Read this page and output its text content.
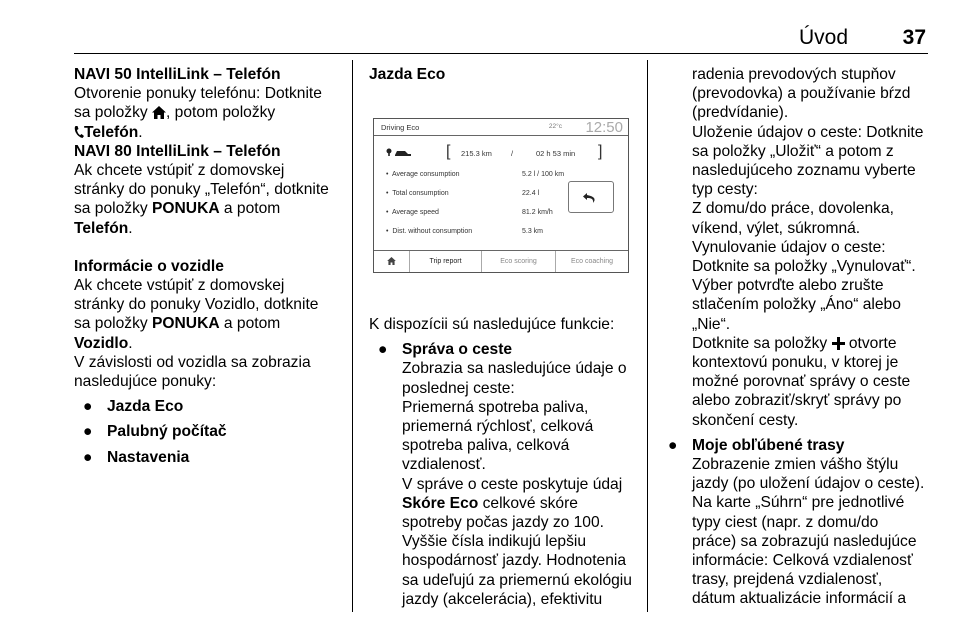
Úvod	37

NAVI 50 IntelliLink – Telefón

Otvorenie ponuky telefónu: Dotknite

sa položky , potom položky

Telefón.

NAVI 80 IntelliLink – Telefón

Ak chcete vstúpiť z domovskej

stránky do ponuky „Telefón“, dotknite

sa položky PONUKA a potom

Telefón.

Informácie o vozidle

Ak chcete vstúpiť z domovskej

stránky do ponuky Vozidlo, dotknite

sa položky PONUKA a potom

Vozidlo.

V závislosti od vozidla sa zobrazia

nasledujúce ponuky:

● Jazda Eco
● Palubný počítač
● Nastavenia

Jazda Eco

Driving Eco	22°c 12:50
[ 215.3 km	/	02 h 53 min ]
•  Average consumption	5.2 l / 100 km
•  Total consumption	22.4 l
•  Average speed	81.2 km/h
•  Dist. without consumption	5.3 km
Trip report	Eco scoring	Eco coaching

K dispozícii sú nasledujúce funkcie:

● Správa o ceste

Zobrazia sa nasledujúce údaje o

poslednej ceste:

Priemerná spotreba paliva,

priemerná rýchlosť, celková

spotreba paliva, celková

vzdialenosť.

V správe o ceste poskytuje údaj

Skóre Eco celkové skóre

spotreby počas jazdy zo 100.

Vyššie čísla indikujú lepšiu

hospodárnosť jazdy. Hodnotenia

sa udeľujú za priemernú ekológiu

jazdy (akcelerácia), efektivitu

radenia prevodových stupňov

(prevodovka) a používanie bŕzd

(predvídanie).

Uloženie údajov o ceste: Dotknite

sa položky „Uložiť“ a potom z

nasledujúceho zoznamu vyberte

typ cesty:

Z domu/do práce, dovolenka,

víkend, výlet, súkromná.

Vynulovanie údajov o ceste:

Dotknite sa položky „Vynulovať“.

Výber potvrďte alebo zrušte

stlačením položky „Áno“ alebo

„Nie“.

Dotknite sa položky  otvorte

kontextovú ponuku, v ktorej je

možné porovnať správy o ceste

alebo zobraziť/skryť správy po

skončení cesty.

● Moje obľúbené trasy

Zobrazenie zmien vášho štýlu

jazdy (po uložení údajov o ceste).

Na karte „Súhrn“ pre jednotlivé

typy ciest (napr. z domu/do

práce) sa zobrazujú nasledujúce

informácie: Celková vzdialenosť

trasy, prejdená vzdialenosť,

dátum aktualizácie informácií a
